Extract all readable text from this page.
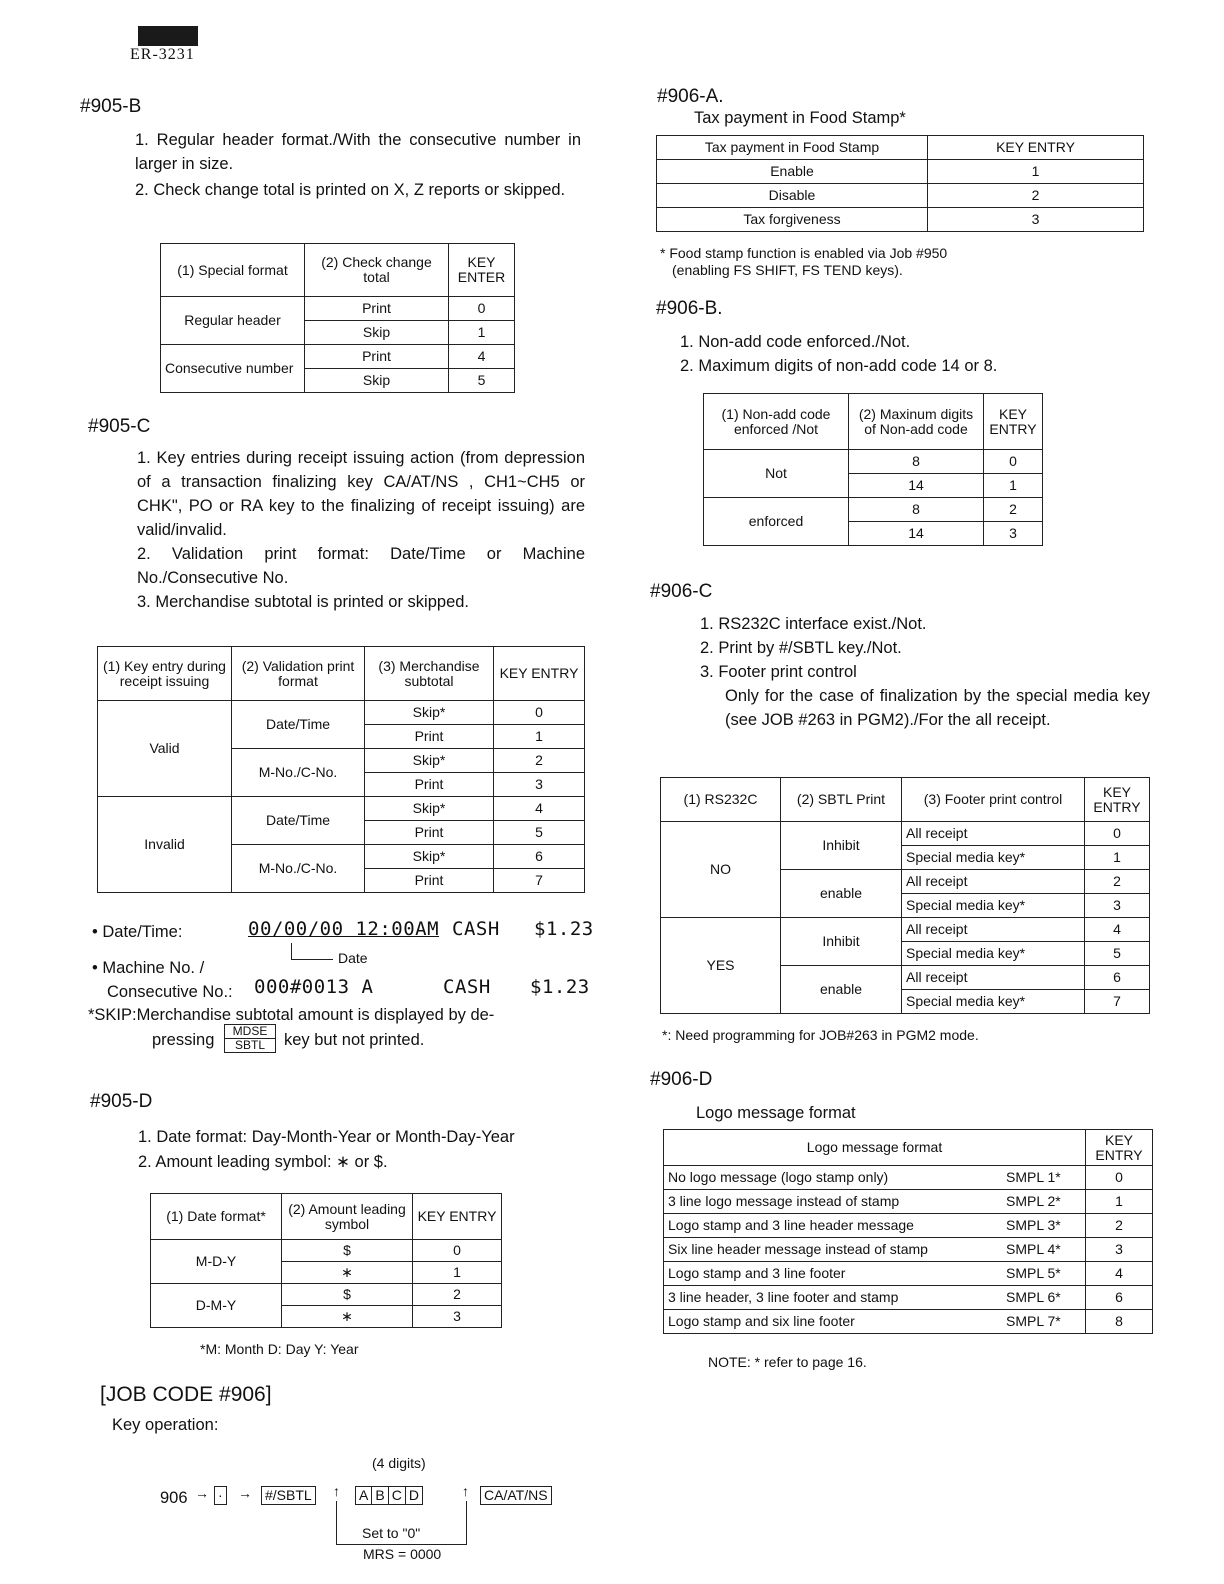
ER-3231
#905-B
1. Regular header format./With the consecutive number in larger in size.
2. Check change total is printed on X, Z reports or skipped.
(1) Special format	(2) Check change total	KEY ENTER
Regular header	Print	0
	Skip	1
Consecutive number	Print	4
	Skip	5
#905-C
1. Key entries during receipt issuing action (from depression of a transaction finalizing key CA/AT/NS , CH1~CH5 or CHK", PO or RA key to the finalizing of receipt issuing) are valid/invalid.
2. Validation print format: Date/Time or Machine No./Consecutive No.
3. Merchandise subtotal is printed or skipped.
(1) Key entry during receipt issuing	(2) Validation print format	(3) Merchandise subtotal	KEY ENTRY
Valid	Date/Time	Skip*	0
		Print	1
	M-No./C-No.	Skip*	2
		Print	3
Invalid	Date/Time	Skip*	4
		Print	5
	M-No./C-No.	Skip*	6
		Print	7
• Date/Time:	00/00/00 12:00AM CASH $1.23
Date
• Machine No. /
Consecutive No.: 000#0013 A	CASH $1.23
*SKIP:Merchandise subtotal amount is displayed by de-
pressing	MDSE
SBTL	key but not printed.
#905-D
1. Date format: Day-Month-Year or Month-Day-Year
2. Amount leading symbol: ∗ or $.
(1) Date format*	(2) Amount leading symbol	KEY ENTRY
M-D-Y	$	0
	∗	1
D-M-Y	$	2
	∗	3
*M: Month D: Day Y: Year
[JOB CODE #906]
Key operation:
(4 digits)
906 → · → #/SBTL ↑ A B C D	↑ CA/AT/NS
Set to "0"
MRS = 0000
#906-A.
Tax payment in Food Stamp*
Tax payment in Food Stamp	KEY ENTRY
Enable	1
Disable	2
Tax forgiveness	3
* Food stamp function is enabled via Job #950
(enabling FS SHIFT, FS TEND keys).
#906-B.
1. Non-add code enforced./Not.
2. Maximum digits of non-add code 14 or 8.
(1) Non-add code enforced /Not	(2) Maxinum digits of Non-add code	KEY ENTRY
Not	8	0
	14	1
enforced	8	2
	14	3
#906-C
1. RS232C interface exist./Not.
2. Print by #/SBTL key./Not.
3. Footer print control
Only for the case of finalization by the special media key (see JOB #263 in PGM2)./For the all receipt.
(1) RS232C	(2) SBTL Print	(3) Footer print control	KEY ENTRY
NO	Inhibit	All receipt	0
		Special media key*	1
	enable	All receipt	2
		Special media key*	3
YES	Inhibit	All receipt	4
		Special media key*	5
	enable	All receipt	6
		Special media key*	7
*: Need programming for JOB#263 in PGM2 mode.
#906-D
Logo message format
Logo message format		KEY ENTRY
No logo message (logo stamp only)	SMPL 1*	0
3 line logo message instead of stamp	SMPL 2*	1
Logo stamp and 3 line header message	SMPL 3*	2
Six line header message instead of stamp	SMPL 4*	3
Logo stamp and 3 line footer	SMPL 5*	4
3 line header, 3 line footer and stamp	SMPL 6*	6
Logo stamp and six line footer	SMPL 7*	8
NOTE: * refer to page 16.
